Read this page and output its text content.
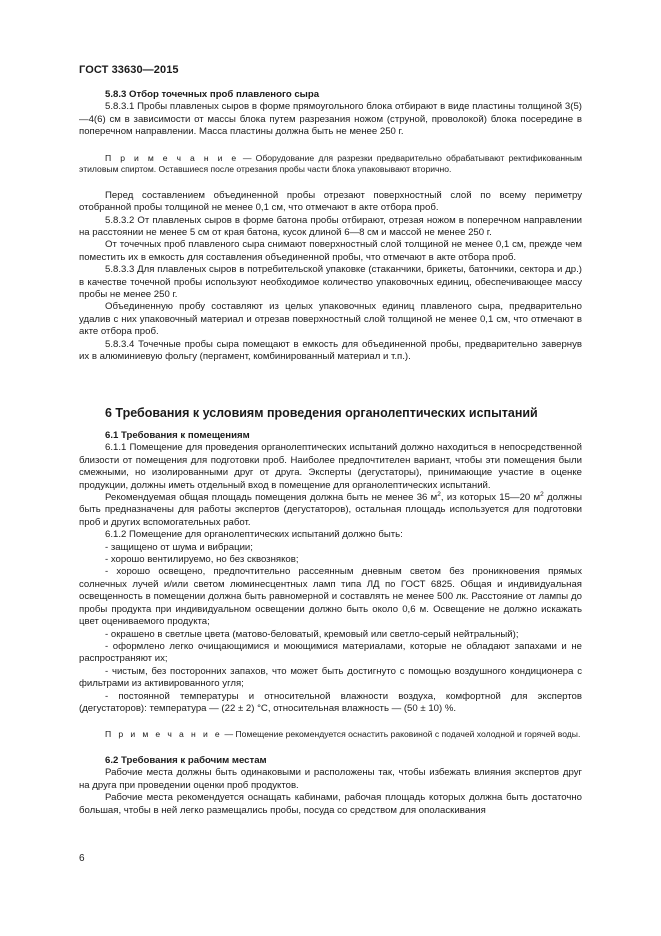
ГОСТ 33630—2015

5.8.3 Отбор точечных проб плавленого сыра

5.8.3.1 Пробы плавленых сыров в форме прямоугольного блока отбирают в виде пластины толщиной 3(5)—4(6) см в зависимости от массы блока путем разрезания ножом (струной, проволокой) блока посередине в поперечном направлении. Масса пластины должна быть не менее 250 г.

П р и м е ч а н и е — Оборудование для разрезки предварительно обрабатывают ректификованным этиловым спиртом. Оставшиеся после отрезания пробы части блока упаковывают вторично.

Перед составлением объединенной пробы отрезают поверхностный слой по всему периметру отобранной пробы толщиной не менее 0,1 см, что отмечают в акте отбора проб.

5.8.3.2 От плавленых сыров в форме батона пробы отбирают, отрезая ножом в поперечном направлении на расстоянии не менее 5 см от края батона, кусок длиной 6—8 см и массой не менее 250 г.

От точечных проб плавленого сыра снимают поверхностный слой толщиной не менее 0,1 см, прежде чем поместить их в емкость для составления объединенной пробы, что отмечают в акте отбора проб.

5.8.3.3 Для плавленых сыров в потребительской упаковке (стаканчики, брикеты, батончики, сектора и др.) в качестве точечной пробы используют необходимое количество упаковочных единиц, обеспечивающее массу пробы не менее 250 г.

Объединенную пробу составляют из целых упаковочных единиц плавленого сыра, предварительно удалив с них упаковочный материал и отрезав поверхностный слой толщиной не менее 0,1 см, что отмечают в акте отбора проб.

5.8.3.4 Точечные пробы сыра помещают в емкость для объединенной пробы, предварительно завернув их в алюминиевую фольгу (пергамент, комбинированный материал и т.п.).

6 Требования к условиям проведения органолептических испытаний

6.1 Требования к помещениям

6.1.1 Помещение для проведения органолептических испытаний должно находиться в непосредственной близости от помещения для подготовки проб. Наиболее предпочтителен вариант, чтобы эти помещения были смежными, но изолированными друг от друга. Эксперты (дегустаторы), принимающие участие в оценке продукции, должны иметь отдельный вход в помещение для органолептических испытаний.

Рекомендуемая общая площадь помещения должна быть не менее 36 $м^2$, из которых 15—20 $м^2$ должны быть предназначены для работы экспертов (дегустаторов), остальная площадь используется для подготовки проб и других вспомогательных работ.

6.1.2 Помещение для органолептических испытаний должно быть:

- защищено от шума и вибрации;

- хорошо вентилируемо, но без сквозняков;

- хорошо освещено, предпочтительно рассеянным дневным светом без проникновения прямых солнечных лучей и/или светом люминесцентных ламп типа ЛД по ГОСТ 6825. Общая и индивидуальная освещенность в помещении должна быть равномерной и составлять не менее 500 лк. Расстояние от лампы до пробы продукта при индивидуальном освещении должно быть около 0,6 м. Освещение не должно искажать цвет оцениваемого продукта;

- окрашено в светлые цвета (матово-беловатый, кремовый или светло-серый нейтральный);

- оформлено легко очищающимися и моющимися материалами, которые не обладают запахами и не распространяют их;

- чистым, без посторонних запахов, что может быть достигнуто с помощью воздушного кондиционера с фильтрами из активированного угля;

- постоянной температуры и относительной влажности воздуха, комфортной для экспертов (дегустаторов): температура — (22 ± 2) °С, относительная влажность — (50 ± 10) %.

П р и м е ч а н и е — Помещение рекомендуется оснастить раковиной с подачей холодной и горячей воды.

6.2 Требования к рабочим местам

Рабочие места должны быть одинаковыми и расположены так, чтобы избежать влияния экспертов друг на друга при проведении оценки проб продуктов.

Рабочие места рекомендуется оснащать кабинами, рабочая площадь которых должна быть достаточно большая, чтобы в ней легко размещались пробы, посуда со средством для ополаскивания

6
